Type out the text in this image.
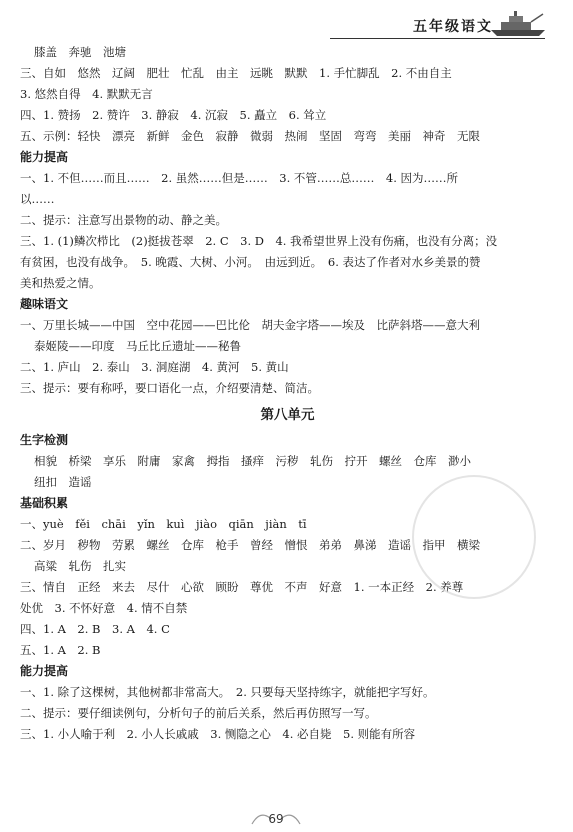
五年级语文
膝盖　奔驰　池塘
三、自如　悠然　辽阔　肥壮　忙乱　由主　远眺　默默　1. 手忙脚乱　2. 不由自主
3. 悠然自得　4. 默默无言
四、1. 赞扬　2. 赞许　3. 静寂　4. 沉寂　5. 矗立　6. 耸立
五、示例：轻快　漂亮　新鲜　金色　寂静　微弱　热闹　坚固　弯弯　美丽　神奇　无限
能力提高
一、1. 不但……而且……　2. 虽然……但是……　3. 不管……总……　4. 因为……所
以……
二、提示：注意写出景物的动、静之美。
三、1. (1)鳞次栉比　(2)挺拔苍翠　2. C　3. D　4. 我希望世界上没有伤痛，也没有分离；没
有贫困，也没有战争。　5. 晚霞、大树、小河。　由远到近。　6. 表达了作者对水乡美景的赞
美和热爱之情。
趣味语文
一、万里长城——中国　空中花园——巴比伦　胡夫金字塔——埃及　比萨斜塔——意大利
泰姬陵——印度　马丘比丘遗址——秘鲁
二、1. 庐山　2. 泰山　3. 洞庭湖　4. 黄河　5. 黄山
三、提示：要有称呼，要口语化一点，介绍要清楚、简洁。
第八单元
生字检测
相貌　桥梁　享乐　附庸　家禽　拇指　搔痒　污秽　轧伤　拧开　螺丝　仓库　渺小
纽扣　造谣
基础积累
一、yuè　fěi　chāi　yǐn　kuì　jiào　qiān　jiàn　tī
二、岁月　秽物　劳累　螺丝　仓库　枪手　曾经　憎恨　弟弟　鼻涕　造谣　指甲　横梁
高粱　轧伤　扎实
三、情自　正经　来去　尽什　心欲　顾盼　尊优　不声　好意　1. 一本正经　2. 养尊
处优　3. 不怀好意　4. 情不自禁
四、1. A　2. B　3. A　4. C
五、1. A　2. B
能力提高
一、1. 除了这棵树，其他树都非常高大。　2. 只要每天坚持练字，就能把字写好。
二、提示：要仔细读例句，分析句子的前后关系，然后再仿照写一写。
三、1. 小人喻于利　2. 小人长戚戚　3. 恻隐之心　4. 必自毙　5. 则能有所容
69
